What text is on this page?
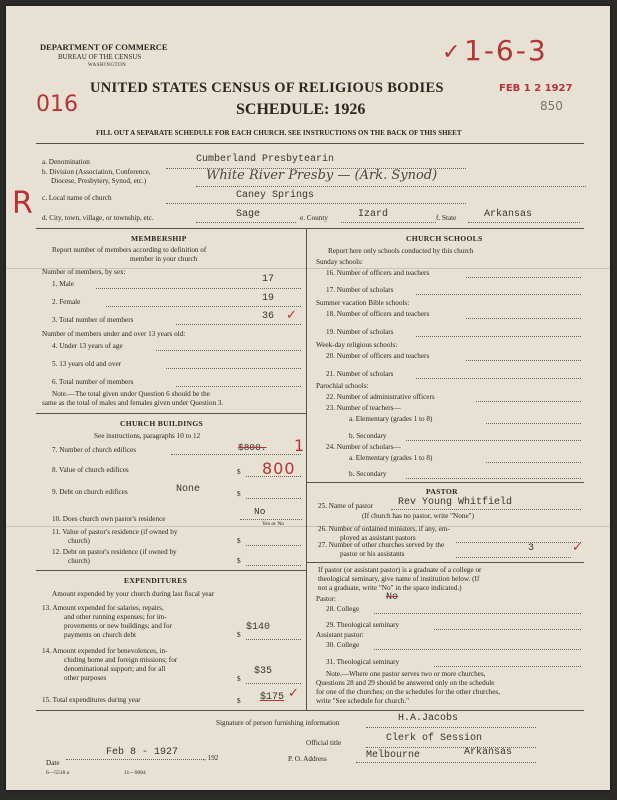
DEPARTMENT OF COMMERCE
BUREAU OF THE CENSUS
WASHINGTON	1-6-3
✓
UNITED STATES CENSUS OF RELIGIOUS BODIES	FEB 1 2 1927
016	SCHEDULE: 1926	850
FILL OUT A SEPARATE SCHEDULE FOR EACH CHURCH. SEE INSTRUCTIONS ON THE BACK OF THIS SHEET
a. Denomination	Cumberland Presbytearin
b. Division (Association, Conference,
Diocese, Presbytery, Synod, etc.)	White River Presby — (Ark. Synod)
R c. Local name of church	Caney Springs
d. City, town, village, or township, etc.	Sage	e. County	Izard	f. State	Arkansas
MEMBERSHIP
Report number of members according to definition of
member in your church
Number of members, by sex:
1. Male	17
2. Female	19
3. Total number of members	36 ✓
Number of members under and over 13 years old:
4. Under 13 years of age
5. 13 years old and over
6. Total number of members
Note.—The total given under Question 6 should be the
same as the total of males and females given under Question 3.
CHURCH BUILDINGS
See instructions, paragraphs 10 to 12
7. Number of church edifices	$800. 1
8. Value of church edifices	$ 800
9. Debt on church edifices	None	$
10. Does church own pastor's residence
No
Yes or No
11. Value of pastor's residence (if owned by
church)	$
12. Debt on pastor's residence (if owned by
church)	$
EXPENDITURES
Amount expended by your church during last fiscal year
13. Amount expended for salaries, repairs,
and other running expenses; for im-
provements or new buildings; and for
payments on church debt	$
$140
14. Amount expended for benevolences, in-
cluding home and foreign missions; for
denominational support; and for all
other purposes	$
$35
15. Total expenditures during year	$ $175 ✓
CHURCH SCHOOLS
Report here only schools conducted by this church
Sunday schools:
16. Number of officers and teachers
17. Number of scholars
Summer vacation Bible schools:
18. Number of officers and teachers
19. Number of scholars
Week-day religious schools:
20. Number of officers and teachers
21. Number of scholars
Parochial schools:
22. Number of administrative officers
23. Number of teachers—
a. Elementary (grades 1 to 8)
b. Secondary
24. Number of scholars—
a. Elementary (grades 1 to 8)
b. Secondary
PASTOR
25. Name of pastor Rev Young Whitfield
(If church has no pastor, write "None")
26. Number of ordained ministers, if any, em-
ployed as assistant pastors
27. Number of other churches served by the
pastor or his assistants	3	✓
If pastor (or assistant pastor) is a graduate of a college or
theological seminary, give name of institution below. (If
not a graduate, write "No" in the space indicated.)
Pastor:
28. College
No
29. Theological seminary
Assistant pastor:
30. College
31. Theological seminary
Note.—Where one pastor serves two or more churches,
Questions 28 and 29 should be answered only on the schedule
for one of the churches; on the schedules for the other churches,
write "See schedule for church."
Signature of person furnishing information	H.A.Jacobs
Official title	Clerk of Session
Date
Feb 8 - 1927	, 192	P. O. Address	Melbourne	Arkansas
6—5518 a	11—9084
